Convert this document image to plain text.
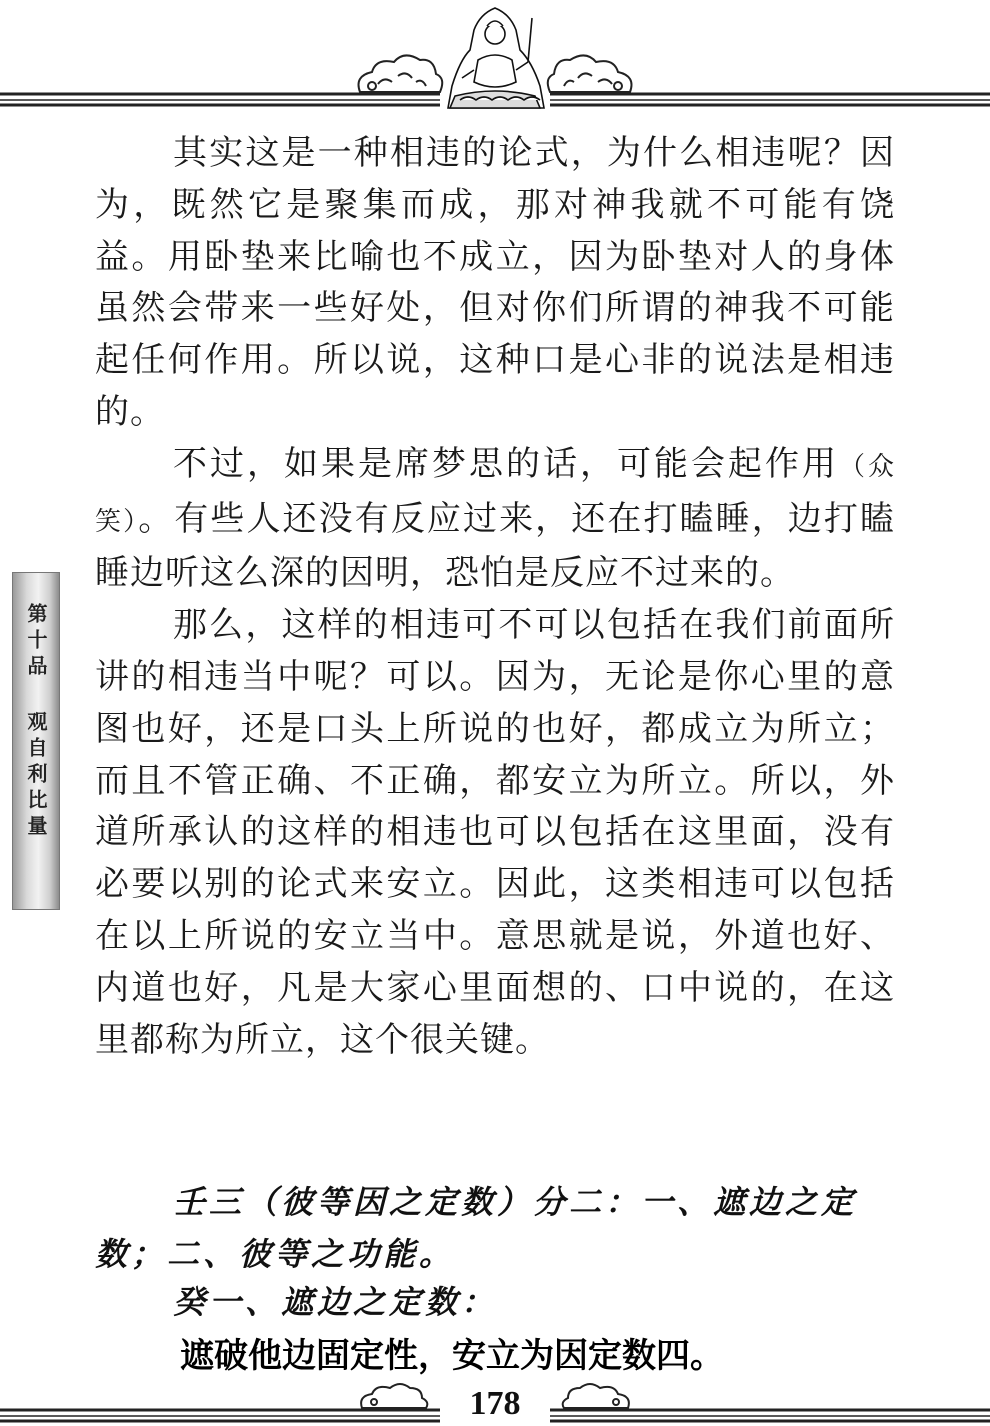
第十品 观自利比量

其实这是一种相违的论式，为什么相违呢？因为，既然它是聚集而成，那对神我就不可能有饶益。用卧垫来比喻也不成立，因为卧垫对人的身体虽然会带来一些好处，但对你们所谓的神我不可能起任何作用。所以说，这种口是心非的说法是相违的。

不过，如果是席梦思的话，可能会起作用（众笑）。有些人还没有反应过来，还在打瞌睡，边打瞌睡边听这么深的因明，恐怕是反应不过来的。

那么，这样的相违可不可以包括在我们前面所讲的相违当中呢？可以。因为，无论是你心里的意图也好，还是口头上所说的也好，都成立为所立；而且不管正确、不正确，都安立为所立。所以，外道所承认的这样的相违也可以包括在这里面，没有必要以别的论式来安立。因此，这类相违可以包括在以上所说的安立当中。意思就是说，外道也好、内道也好，凡是大家心里面想的、口中说的，在这里都称为所立，这个很关键。

壬三（彼等因之定数）分二：一、遮边之定数；二、彼等之功能。
癸一、遮边之定数：
遮破他边固定性，安立为因定数四。
178
